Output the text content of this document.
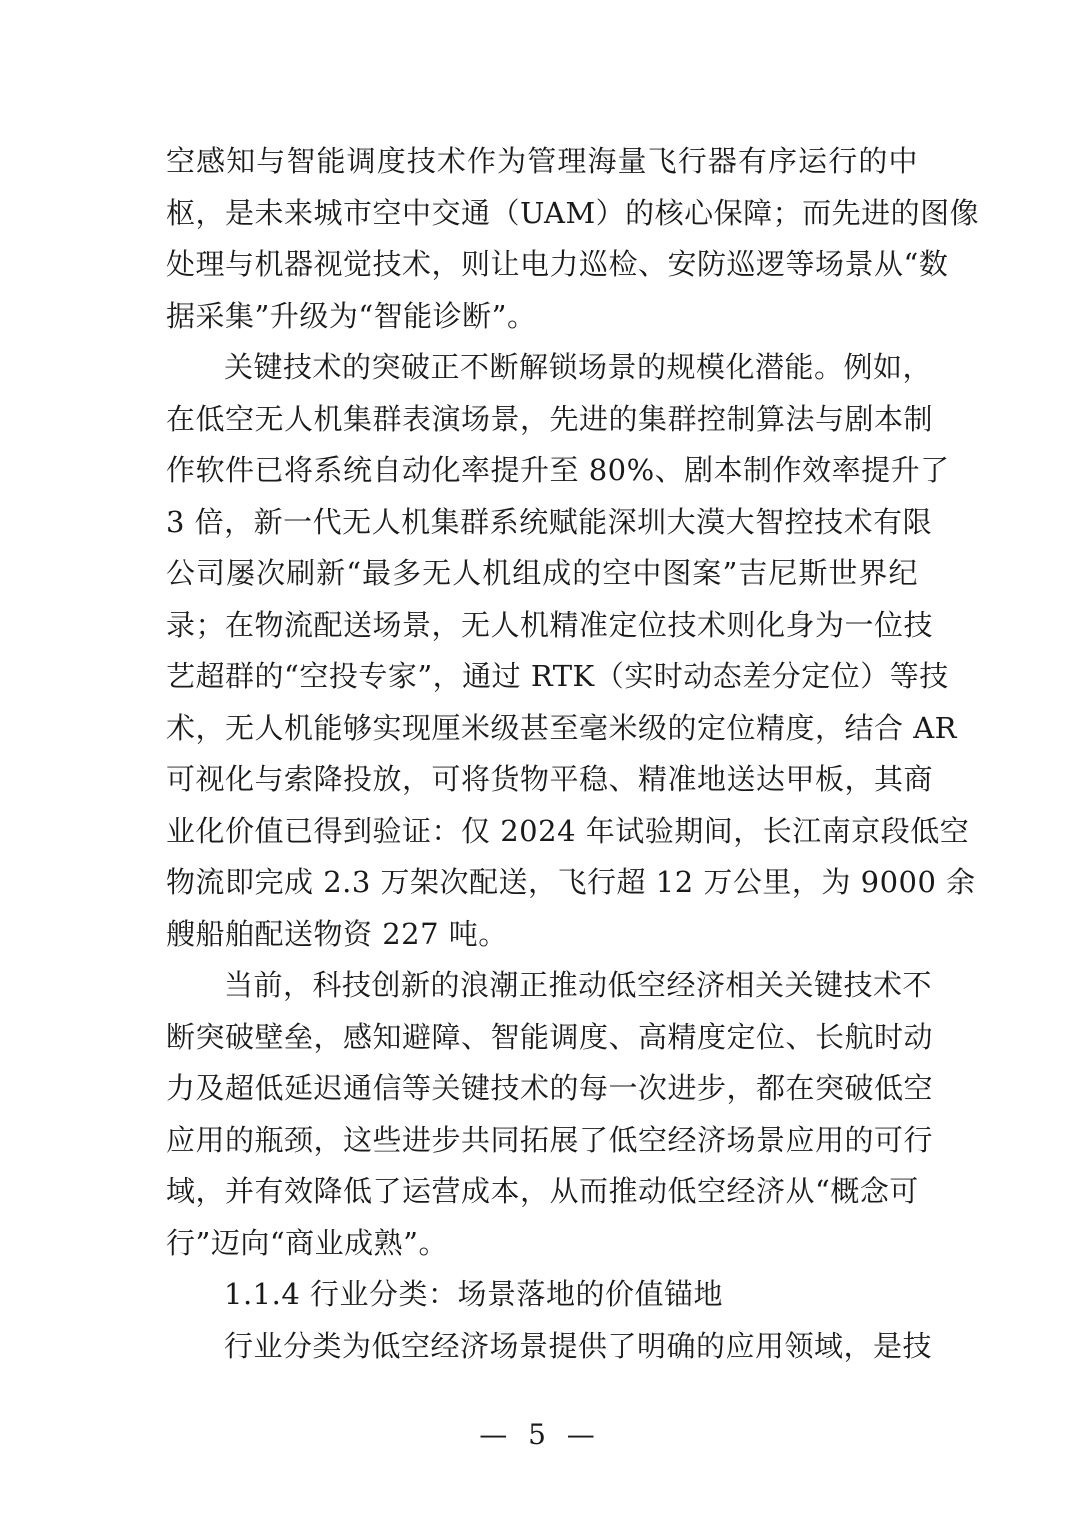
空感知与智能调度技术作为管理海量飞行器有序运行的中
枢，是未来城市空中交通（UAM）的核心保障；而先进的图像
处理与机器视觉技术，则让电力巡检、安防巡逻等场景从“数
据采集”升级为“智能诊断”。
关键技术的突破正不断解锁场景的规模化潜能。例如，
在低空无人机集群表演场景，先进的集群控制算法与剧本制
作软件已将系统自动化率提升至 80%、剧本制作效率提升了
3 倍，新一代无人机集群系统赋能深圳大漠大智控技术有限
公司屡次刷新“最多无人机组成的空中图案”吉尼斯世界纪
录；在物流配送场景，无人机精准定位技术则化身为一位技
艺超群的“空投专家”，通过 RTK（实时动态差分定位）等技
术，无人机能够实现厘米级甚至毫米级的定位精度，结合 AR
可视化与索降投放，可将货物平稳、精准地送达甲板，其商
业化价值已得到验证：仅 2024 年试验期间，长江南京段低空
物流即完成 2.3 万架次配送，飞行超 12 万公里，为 9000 余
艘船舶配送物资 227 吨。
当前，科技创新的浪潮正推动低空经济相关关键技术不
断突破壁垒，感知避障、智能调度、高精度定位、长航时动
力及超低延迟通信等关键技术的每一次进步，都在突破低空
应用的瓶颈，这些进步共同拓展了低空经济场景应用的可行
域，并有效降低了运营成本，从而推动低空经济从“概念可
行”迈向“商业成熟”。
1.1.4 行业分类：场景落地的价值锚地
行业分类为低空经济场景提供了明确的应用领域，是技
— 5 —
